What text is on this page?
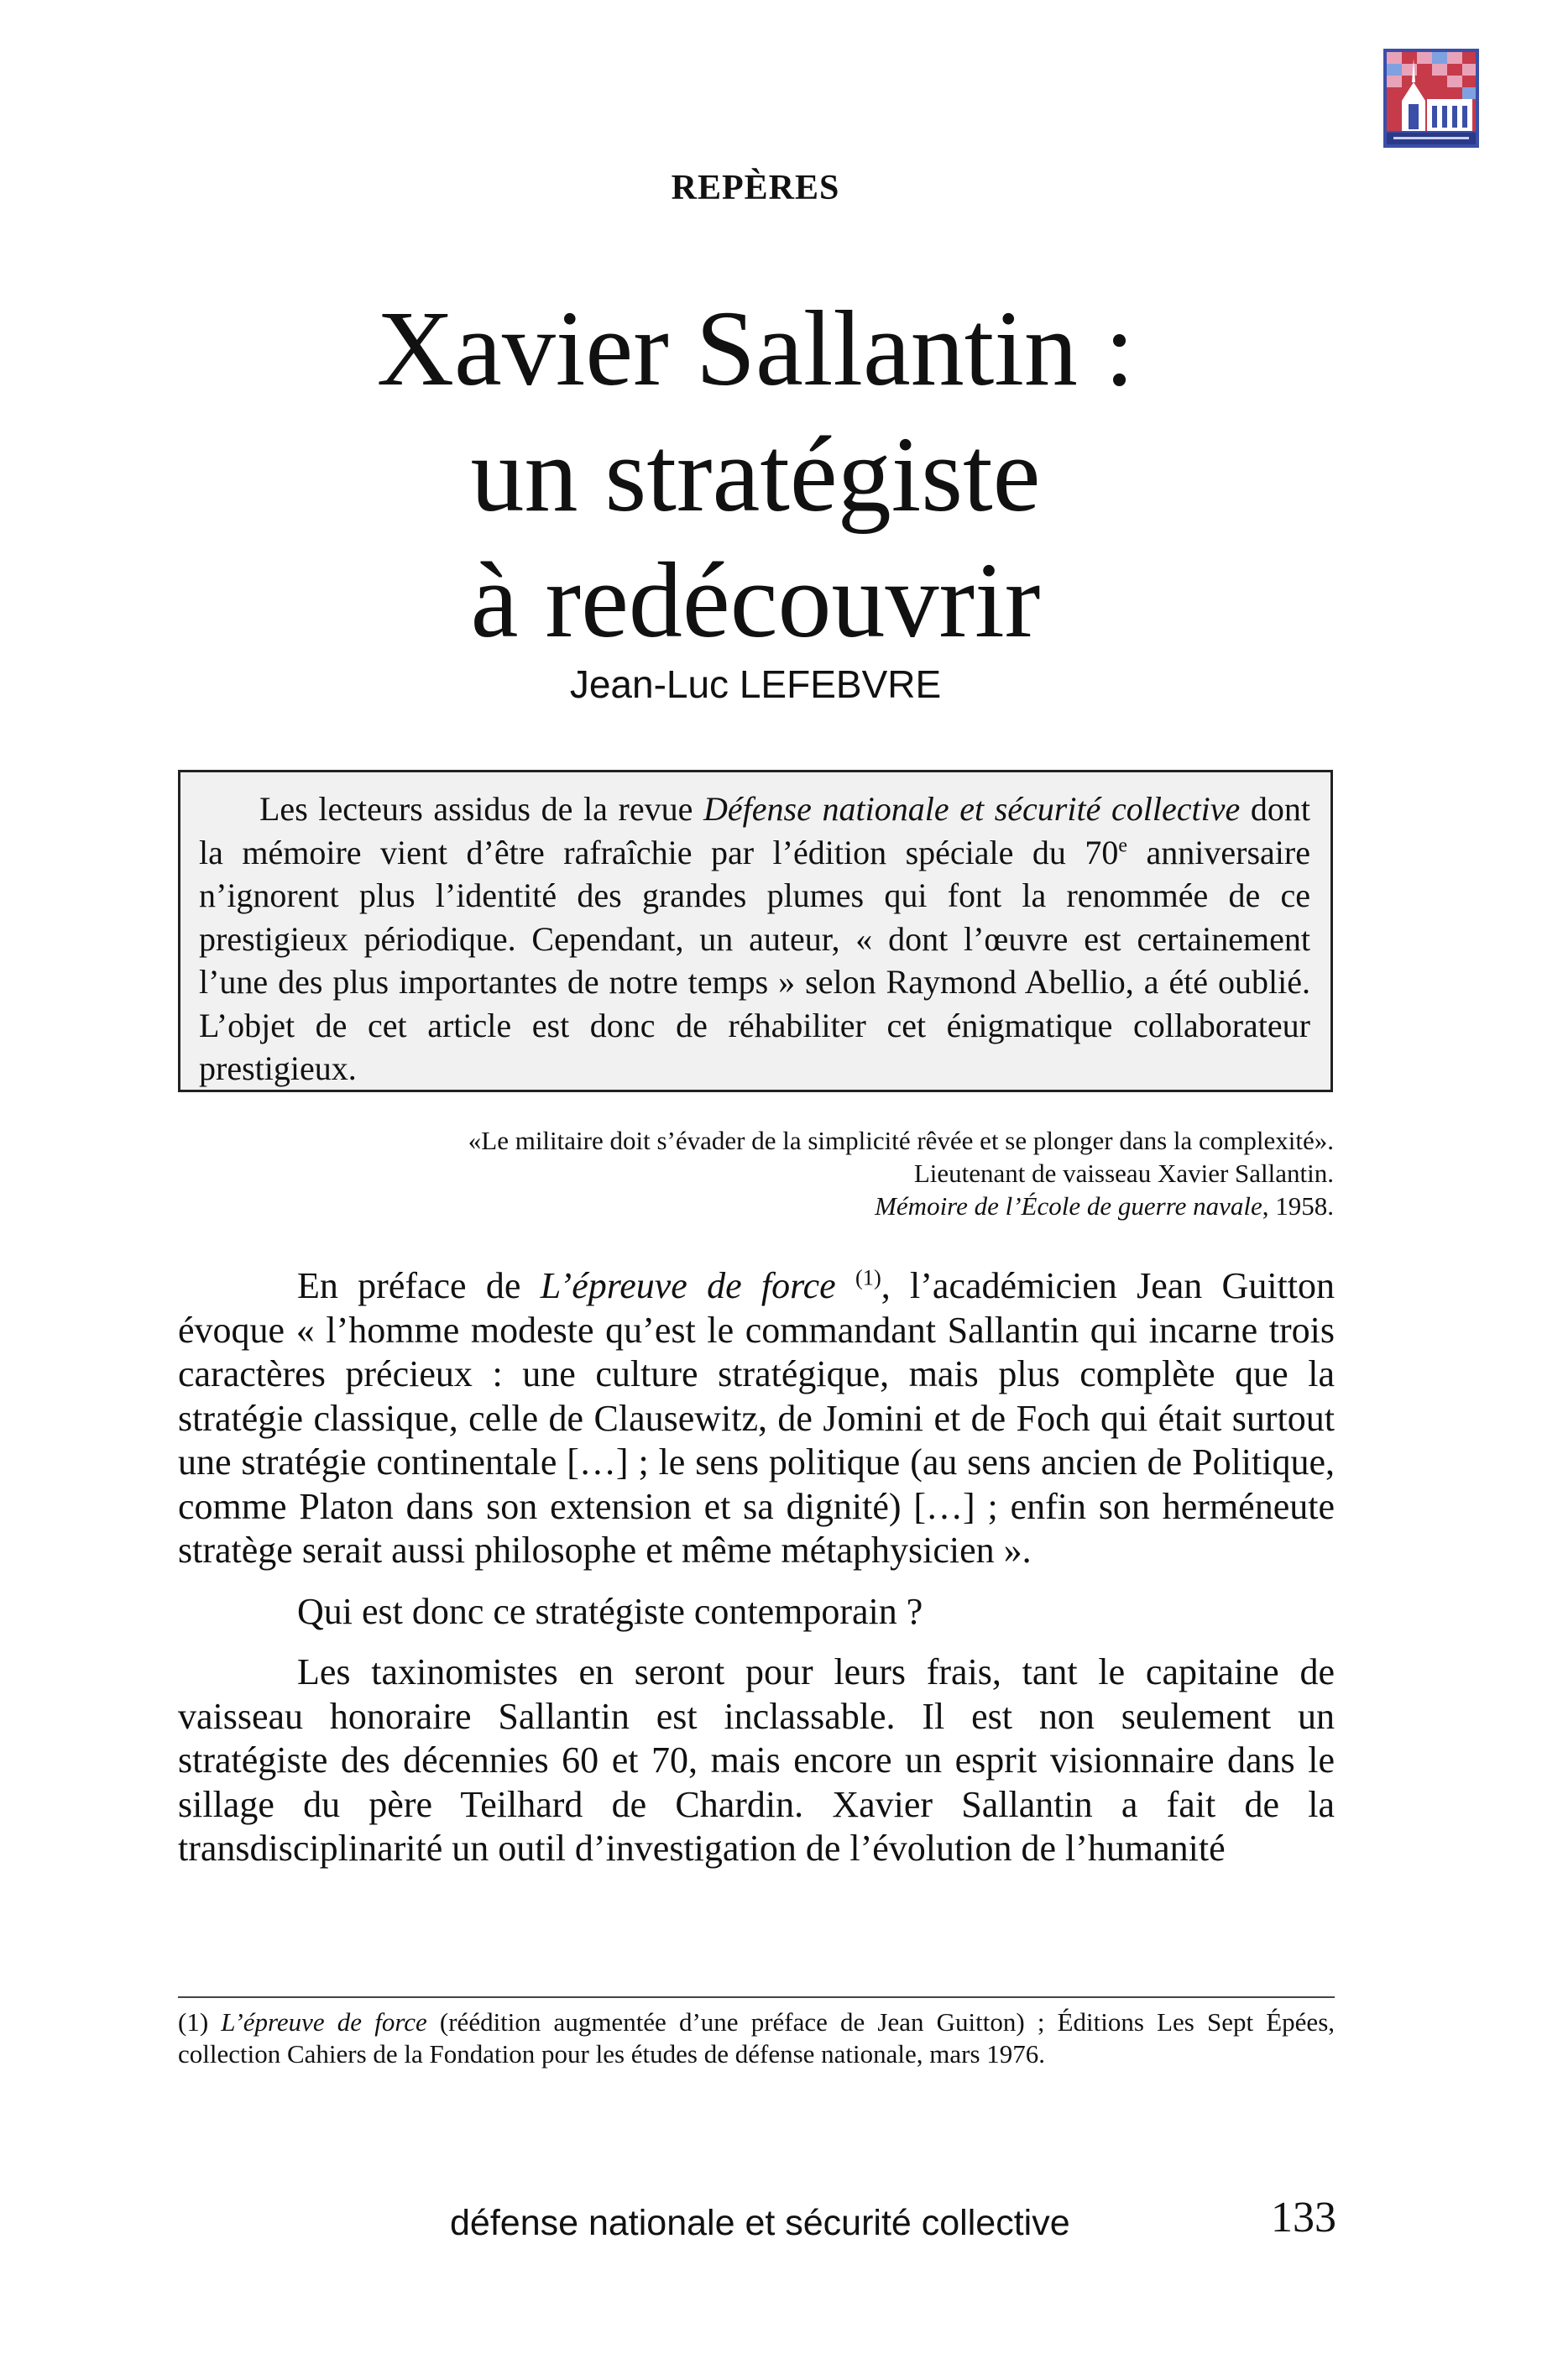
REPÈRES
Xavier Sallantin :
un stratégiste
à redécouvrir
Jean-Luc LEFEBVRE

Les lecteurs assidus de la revue Défense nationale et sécurité collective dont la mémoire vient d’être rafraîchie par l’édition spéciale du 70e anniversaire n’ignorent plus l’identité des grandes plumes qui font la renommée de ce prestigieux périodique. Cependant, un auteur, « dont l’œuvre est certainement l’une des plus importantes de notre temps » selon Raymond Abellio, a été oublié. L’objet de cet article est donc de réhabiliter cet énigmatique collaborateur prestigieux.

«Le militaire doit s’évader de la simplicité rêvée et se plonger dans la complexité».
Lieutenant de vaisseau Xavier Sallantin.
Mémoire de l’École de guerre navale, 1958.

En préface de L’épreuve de force $^{(1)}$, l’académicien Jean Guitton évoque « l’homme modeste qu’est le commandant Sallantin qui incarne trois caractères précieux : une culture stratégique, mais plus complète que la stratégie classique, celle de Clausewitz, de Jomini et de Foch qui était surtout une stratégie continentale […] ; le sens politique (au sens ancien de Politique, comme Platon dans son extension et sa dignité) […] ; enfin son herméneute stratège serait aussi philosophe et même métaphysicien ».

Qui est donc ce stratégiste contemporain ?

Les taxinomistes en seront pour leurs frais, tant le capitaine de vaisseau honoraire Sallantin est inclassable. Il est non seulement un stratégiste des décennies 60 et 70, mais encore un esprit visionnaire dans le sillage du père Teilhard de Chardin. Xavier Sallantin a fait de la transdisciplinarité un outil d’investigation de l’évolution de l’humanité

(1) L’épreuve de force (réédition augmentée d’une préface de Jean Guitton) ; Éditions Les Sept Épées, collection Cahiers de la Fondation pour les études de défense nationale, mars 1976.
défense nationale et sécurité collective	133
